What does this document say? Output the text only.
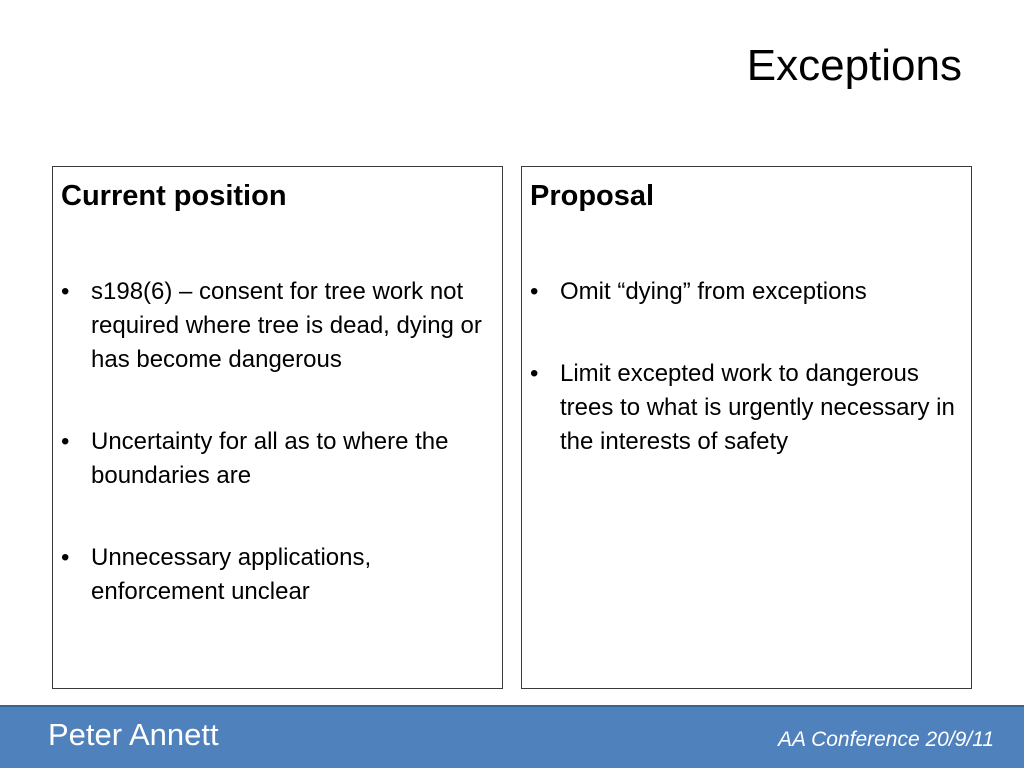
Exceptions
Current position
• s198(6) – consent for tree work not required where tree is dead, dying or has become dangerous
• Uncertainty for all as to where the boundaries are
• Unnecessary applications, enforcement unclear
Proposal
• Omit “dying” from exceptions
• Limit excepted work to dangerous trees to what is urgently necessary in the interests of safety
Peter Annett	AA Conference 20/9/11
